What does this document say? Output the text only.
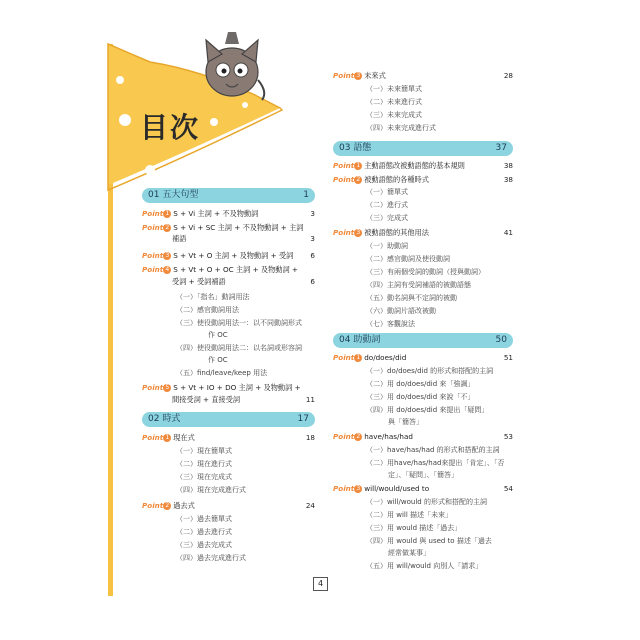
目次
01 五大句型	1
Point 1 S + Vi 主詞 + 不及物動詞	3
Point 2 S + Vi + SC 主詞 + 不及物動詞 + 主詞
補語	3
Point 3 S + Vt + O 主詞 + 及物動詞 + 受詞 6
Point 4 S + Vt + O + OC 主詞 + 及物動詞 +
受詞 + 受詞補語	6
（一）「指名」動詞用法
（二）感官動詞用法
（三）使役動詞用法一：以不同動詞形式
作 OC
（四）使役動詞用法二：以名詞或形容詞
作 OC
（五）find/leave/keep 用法
Point 5 S + Vt + IO + DO 主詞 + 及物動詞 +
間接受詞 + 直接受詞	11
02 時式	17
Point 1 現在式	18
（一）現在簡單式
（二）現在進行式
（三）現在完成式
（四）現在完成進行式
Point 2 過去式	24
（一）過去簡單式
（二）過去進行式
（三）過去完成式
（四）過去完成進行式
Point 3 未來式	28
（一）未來簡單式
（二）未來進行式
（三）未來完成式
（四）未來完成進行式
03 語態	37
Point 1 主動語態改被動語態的基本規則	38
Point 2 被動語態的各種時式	38
（一）簡單式
（二）進行式
（三）完成式
Point 3 被動語態的其他用法	41
（一）助動詞
（二）感官動詞及使役動詞
（三）有兩個受詞的動詞（授與動詞）
（四）主詞有受詞補語的被動語態
（五）動名詞與不定詞的被動
（六）動詞片語改被動
（七）客觀說法
04 助動詞	50
Point 1 do/does/did	51
（一）do/does/did 的形式和搭配的主詞
（二）用 do/does/did 來「強調」
（三）用 do/does/did 來說「不」
（四）用 do/does/did 來提出「疑問」
與「簡答」
Point 2 have/has/had	53
（一）have/has/had 的形式和搭配的主詞
（二）用have/has/had來提出「肯定」、「否
定」、「疑問」、「簡答」
Point 3 will/would/used to	54
（一）will/would 的形式和搭配的主詞
（二）用 will 描述「未來」
（三）用 would 描述「過去」
（四）用 would 與 used to 描述「過去
經常做某事」
（五）用 will/would 向別人「請求」
4
